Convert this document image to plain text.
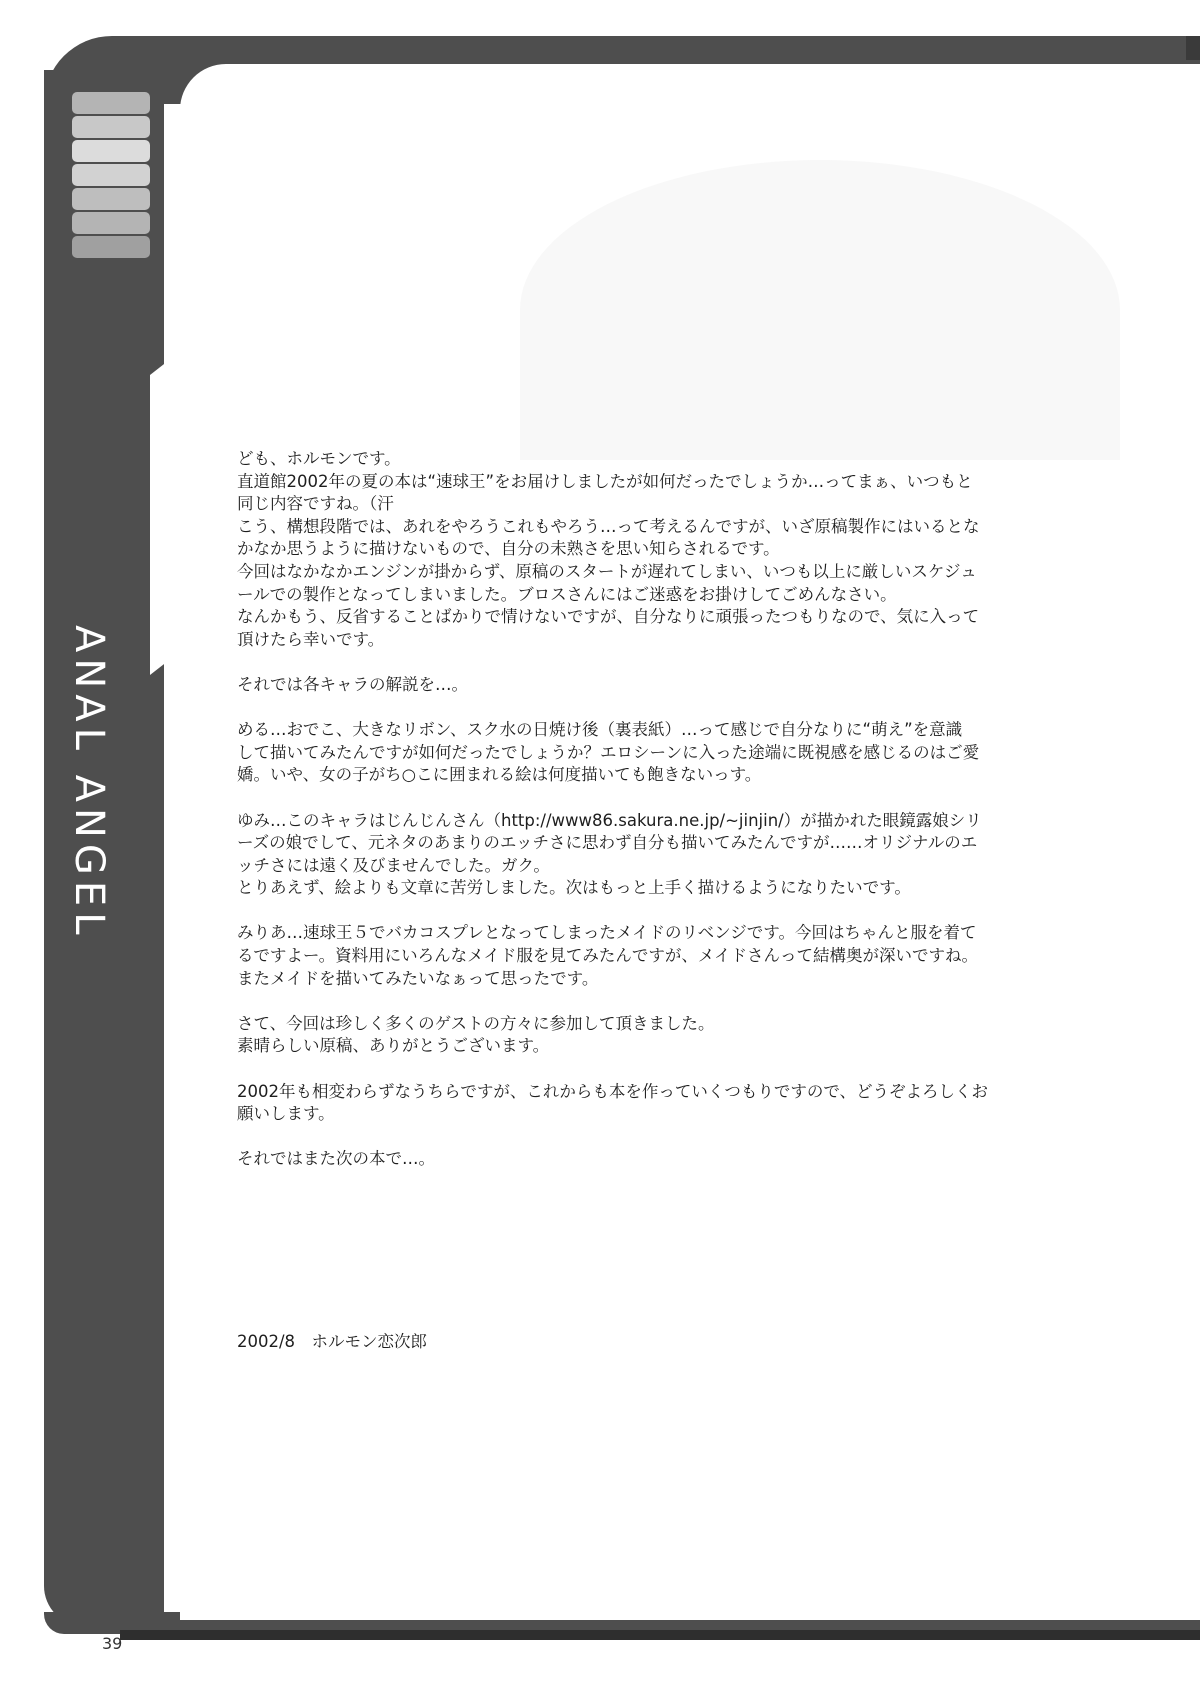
ANAL ANGEL

ども、ホルモンです。

直道館2002年の夏の本は“速球王”をお届けしましたが如何だったでしょうか…ってまぁ、いつもと

同じ内容ですね。（汗

こう、構想段階では、あれをやろうこれもやろう…って考えるんですが、いざ原稿製作にはいるとな

かなか思うように描けないもので、自分の未熟さを思い知らされるです。

今回はなかなかエンジンが掛からず、原稿のスタートが遅れてしまい、いつも以上に厳しいスケジュ

ールでの製作となってしまいました。ブロスさんにはご迷惑をお掛けしてごめんなさい。

なんかもう、反省することばかりで情けないですが、自分なりに頑張ったつもりなので、気に入って

頂けたら幸いです。

それでは各キャラの解説を…。

める…おでこ、大きなリボン、スク水の日焼け後（裏表紙）…って感じで自分なりに“萌え”を意識

して描いてみたんですが如何だったでしょうか？エロシーンに入った途端に既視感を感じるのはご愛

嬌。いや、女の子がち○こに囲まれる絵は何度描いても飽きないっす。

ゆみ…このキャラはじんじんさん（http://www86.sakura.ne.jp/~jinjin/）が描かれた眼鏡露娘シリ

ーズの娘でして、元ネタのあまりのエッチさに思わず自分も描いてみたんですが……オリジナルのエ

ッチさには遠く及びませんでした。ガク。

とりあえず、絵よりも文章に苦労しました。次はもっと上手く描けるようになりたいです。

みりあ…速球王５でバカコスプレとなってしまったメイドのリベンジです。今回はちゃんと服を着て

るですよー。資料用にいろんなメイド服を見てみたんですが、メイドさんって結構奥が深いですね。

またメイドを描いてみたいなぁって思ったです。

さて、今回は珍しく多くのゲストの方々に参加して頂きました。

素晴らしい原稿、ありがとうございます。

2002年も相変わらずなうちらですが、これからも本を作っていくつもりですので、どうぞよろしくお

願いします。

それではまた次の本で…。

2002/8　ホルモン恋次郎
39
